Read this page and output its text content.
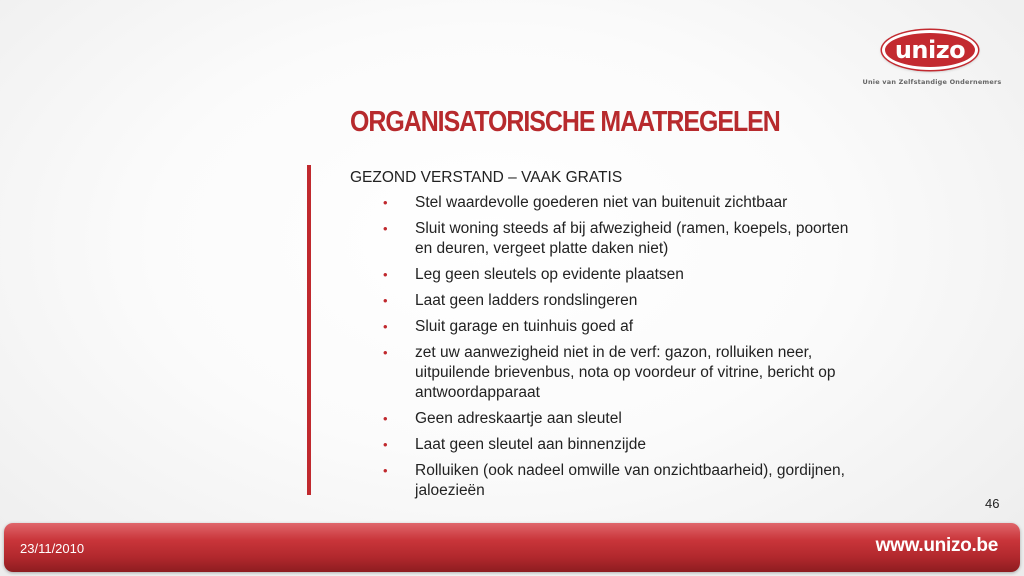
unizo
Unie van Zelfstandige Ondernemers
ORGANISATORISCHE MAATREGELEN

GEZOND VERSTAND – VAAK GRATIS

• Stel waardevolle goederen niet van buitenuit zichtbaar
• Sluit woning steeds af bij afwezigheid (ramen, koepels, poorten en deuren, vergeet platte daken niet)
• Leg geen sleutels op evidente plaatsen
• Laat geen ladders rondslingeren
• Sluit garage en tuinhuis goed af
• zet uw aanwezigheid niet in de verf: gazon, rolluiken neer, uitpuilende brievenbus, nota op voordeur of vitrine, bericht op antwoordapparaat
• Geen adreskaartje aan sleutel
• Laat geen sleutel aan binnenzijde
• Rolluiken (ook nadeel omwille van onzichtbaarheid), gordijnen, jaloezieën
46
23/11/2010	www.unizo.be
